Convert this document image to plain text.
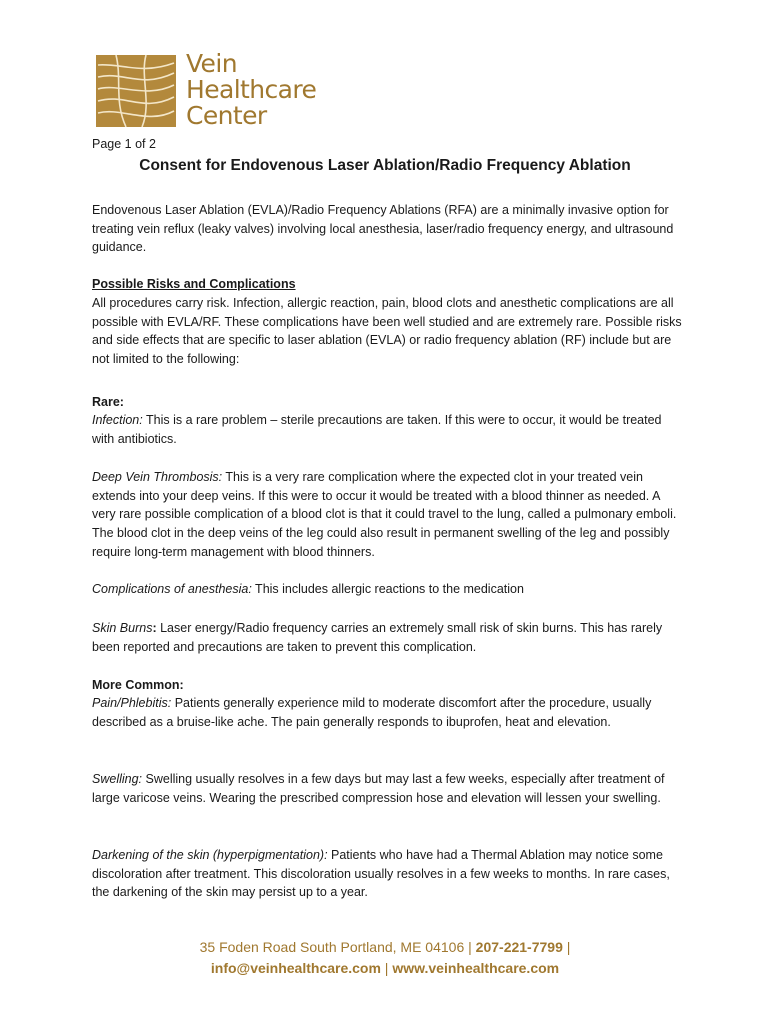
Vein
Healthcare
Center
Page 1 of 2
Consent for Endovenous Laser Ablation/Radio Frequency Ablation

Endovenous Laser Ablation (EVLA)/Radio Frequency Ablations (RFA) are a minimally invasive option for treating vein reflux (leaky valves) involving local anesthesia, laser/radio frequency energy, and ultrasound guidance.

Possible Risks and Complications

All procedures carry risk. Infection, allergic reaction, pain, blood clots and anesthetic complications are all possible with EVLA/RF. These complications have been well studied and are extremely rare. Possible risks and side effects that are specific to laser ablation (EVLA) or radio frequency ablation (RF) include but are not limited to the following:

Rare:

Infection: This is a rare problem – sterile precautions are taken. If this were to occur, it would be treated with antibiotics.

Deep Vein Thrombosis: This is a very rare complication where the expected clot in your treated vein extends into your deep veins. If this were to occur it would be treated with a blood thinner as needed. A very rare possible complication of a blood clot is that it could travel to the lung, called a pulmonary emboli. The blood clot in the deep veins of the leg could also result in permanent swelling of the leg and possibly require long-term management with blood thinners.

Complications of anesthesia: This includes allergic reactions to the medication

Skin Burns: Laser energy/Radio frequency carries an extremely small risk of skin burns. This has rarely been reported and precautions are taken to prevent this complication.

More Common:

Pain/Phlebitis: Patients generally experience mild to moderate discomfort after the procedure, usually described as a bruise-like ache. The pain generally responds to ibuprofen, heat and elevation.

Swelling: Swelling usually resolves in a few days but may last a few weeks, especially after treatment of large varicose veins. Wearing the prescribed compression hose and elevation will lessen your swelling.

Darkening of the skin (hyperpigmentation): Patients who have had a Thermal Ablation may notice some discoloration after treatment. This discoloration usually resolves in a few weeks to months. In rare cases, the darkening of the skin may persist up to a year.

35 Foden Road South Portland, ME 04106 | 207-221-7799 |
info@veinhealthcare.com | www.veinhealthcare.com
